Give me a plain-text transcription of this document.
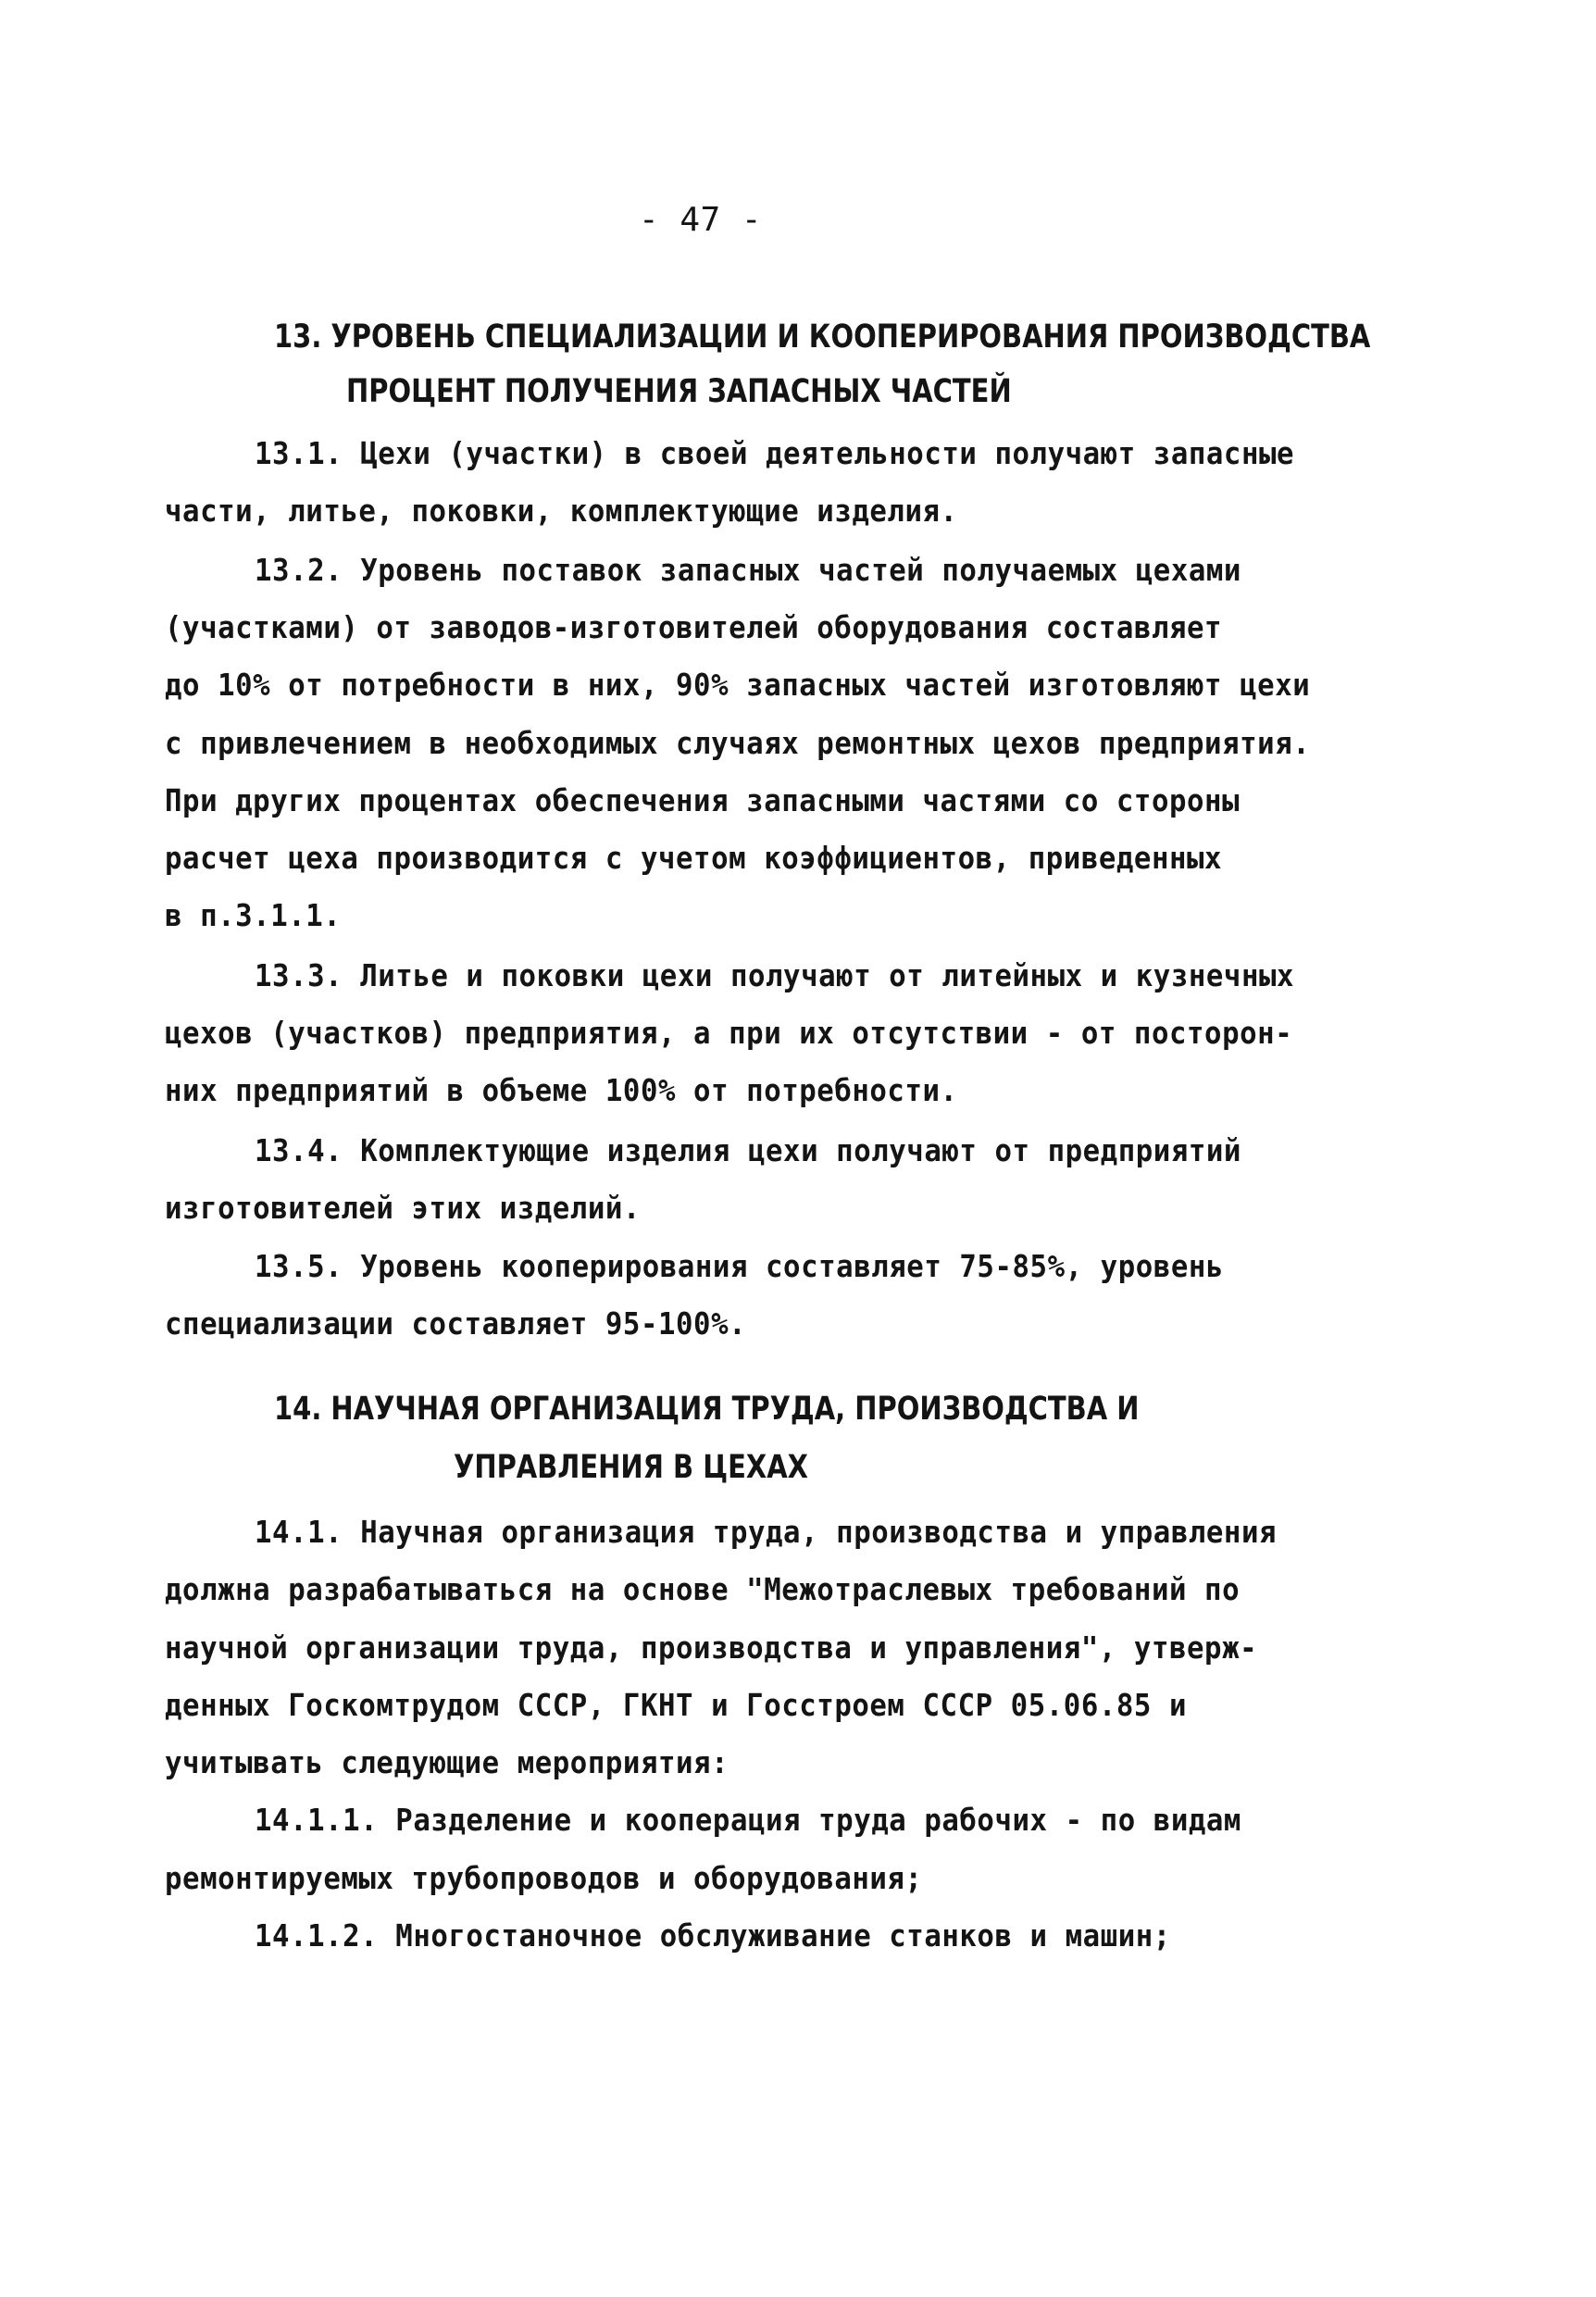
- 47 -
13. УРОВЕНЬ СПЕЦИАЛИЗАЦИИ И КООПЕРИРОВАНИЯ ПРОИЗВОДСТВА
ПРОЦЕНТ ПОЛУЧЕНИЯ ЗАПАСНЫХ ЧАСТЕЙ
13.1. Цехи (участки) в своей деятельности получают запасные
части, литье, поковки, комплектующие изделия.
13.2. Уровень поставок запасных частей получаемых цехами
(участками) от заводов-изготовителей оборудования составляет
до 10% от потребности в них, 90% запасных частей изготовляют цехи
с привлечением в необходимых случаях ремонтных цехов предприятия.
При других процентах обеспечения запасными частями со стороны
расчет цеха производится с учетом коэффициентов, приведенных
в п.3.1.1.
13.3. Литье и поковки цехи получают от литейных и кузнечных
цехов (участков) предприятия, а при их отсутствии - от посторон-
них предприятий в объеме 100% от потребности.
13.4. Комплектующие изделия цехи получают от предприятий
изготовителей этих изделий.
13.5. Уровень кооперирования составляет 75-85%, уровень
специализации составляет 95-100%.
14. НАУЧНАЯ ОРГАНИЗАЦИЯ ТРУДА, ПРОИЗВОДСТВА И
УПРАВЛЕНИЯ В ЦЕХАХ
14.1. Научная организация труда, производства и управления
должна разрабатываться на основе "Межотраслевых требований по
научной организации труда, производства и управления", утверж-
денных Госкомтрудом СССР, ГКНТ и Госстроем СССР 05.06.85 и
учитывать следующие мероприятия:
14.1.1. Разделение и кооперация труда рабочих - по видам
ремонтируемых трубопроводов и оборудования;
14.1.2. Многостаночное обслуживание станков и машин;
